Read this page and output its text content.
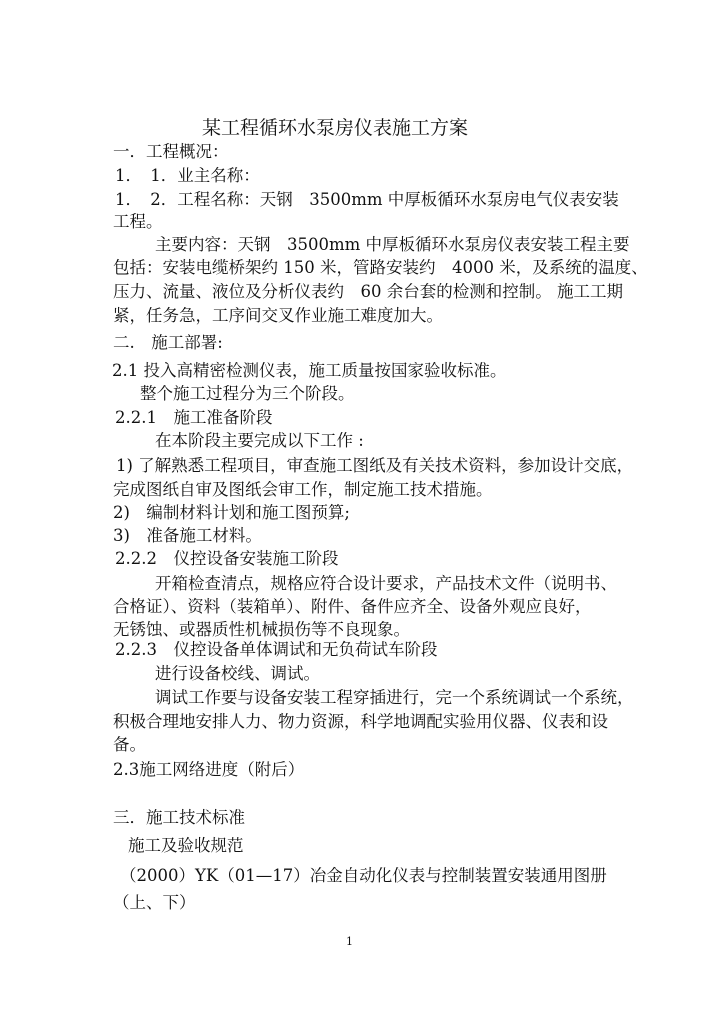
某工程循环水泵房仪表施工方案
一．工程概况：
1．　1．业主名称：
1．　2．工程名称：天钢　3500mm 中厚板循环水泵房电气仪表安装
工程。
主要内容：天钢　3500mm 中厚板循环水泵房仪表安装工程主要
包括：安装电缆桥架约 150 米，管路安装约　4000 米，及系统的温度、
压力、流量、液位及分析仪表约　60 余台套的检测和控制。 施工工期
紧，任务急，工序间交叉作业施工难度加大。
二.　施工部署:
2.1 投入高精密检测仪表，施工质量按国家验收标准。
整个施工过程分为三个阶段。
2.2.1　施工准备阶段
在本阶段主要完成以下工作 :
1) 了解熟悉工程项目，审查施工图纸及有关技术资料，参加设计交底，
完成图纸自审及图纸会审工作，制定施工技术措施。
2)　编制材料计划和施工图预算;
3)　准备施工材料。
2.2.2　仪控设备安装施工阶段
开箱检查清点，规格应符合设计要求，产品技术文件（说明书、
合格证）、资料（装箱单）、附件、备件应齐全、设备外观应良好，
无锈蚀、或器质性机械损伤等不良现象。
2.2.3　仪控设备单体调试和无负荷试车阶段
进行设备校线、调试。
调试工作要与设备安装工程穿插进行，完一个系统调试一个系统，
积极合理地安排人力、物力资源，科学地调配实验用仪器、仪表和设
备。
2.3施工网络进度（附后）
三．施工技术标准
施工及验收规范
（2000）YK（01—17）冶金自动化仪表与控制装置安装通用图册
（上、下）
1
